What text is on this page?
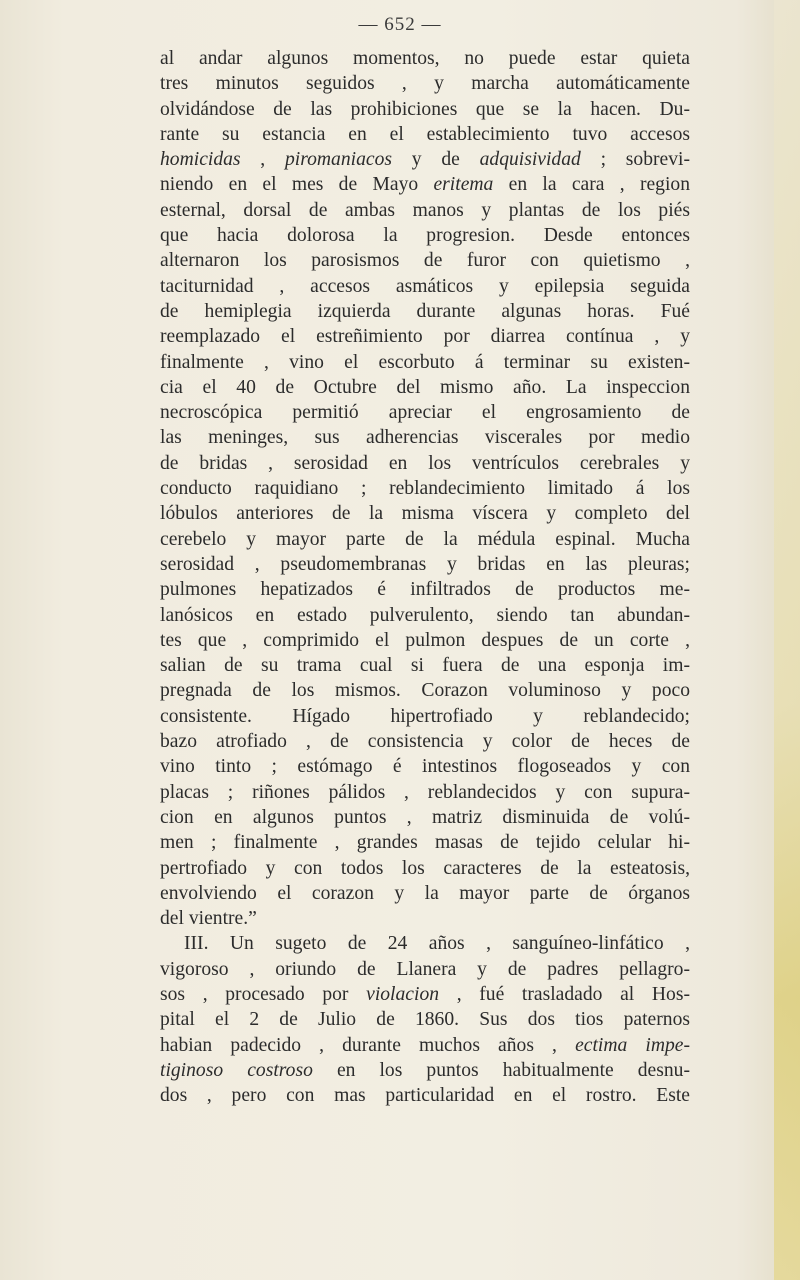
— 652 —
al andar algunos momentos, no puede estar quieta
tres minutos seguidos , y marcha automáticamente
olvidándose de las prohibiciones que se la hacen. Du-
rante su estancia en el establecimiento tuvo accesos
homicidas , piromaniacos y de adquisividad ; sobrevi-
niendo en el mes de Mayo eritema en la cara , region
esternal, dorsal de ambas manos y plantas de los piés
que hacia dolorosa la progresion. Desde entonces
alternaron los parosismos de furor con quietismo ,
taciturnidad , accesos asmáticos y epilepsia seguida
de hemiplegia izquierda durante algunas horas. Fué
reemplazado el estreñimiento por diarrea contínua , y
finalmente , vino el escorbuto á terminar su existen-
cia el 40 de Octubre del mismo año. La inspeccion
necroscópica permitió apreciar el engrosamiento de
las meninges, sus adherencias viscerales por medio
de bridas , serosidad en los ventrículos cerebrales y
conducto raquidiano ; reblandecimiento limitado á los
lóbulos anteriores de la misma víscera y completo del
cerebelo y mayor parte de la médula espinal. Mucha
serosidad , pseudomembranas y bridas en las pleuras;
pulmones hepatizados é infiltrados de productos me-
lanósicos en estado pulverulento, siendo tan abundan-
tes que , comprimido el pulmon despues de un corte ,
salian de su trama cual si fuera de una esponja im-
pregnada de los mismos. Corazon voluminoso y poco
consistente. Hígado hipertrofiado y reblandecido;
bazo atrofiado , de consistencia y color de heces de
vino tinto ; estómago é intestinos flogoseados y con
placas ; riñones pálidos , reblandecidos y con supura-
cion en algunos puntos , matriz disminuida de volú-
men ; finalmente , grandes masas de tejido celular hi-
pertrofiado y con todos los caracteres de la esteatosis,
envolviendo el corazon y la mayor parte de órganos
del vientre.”
III. Un sugeto de 24 años , sanguíneo-linfático ,
vigoroso , oriundo de Llanera y de padres pellagro-
sos , procesado por violacion , fué trasladado al Hos-
pital el 2 de Julio de 1860. Sus dos tios paternos
habian padecido , durante muchos años , ectima impe-
tiginoso costroso en los puntos habitualmente desnu-
dos , pero con mas particularidad en el rostro. Este
